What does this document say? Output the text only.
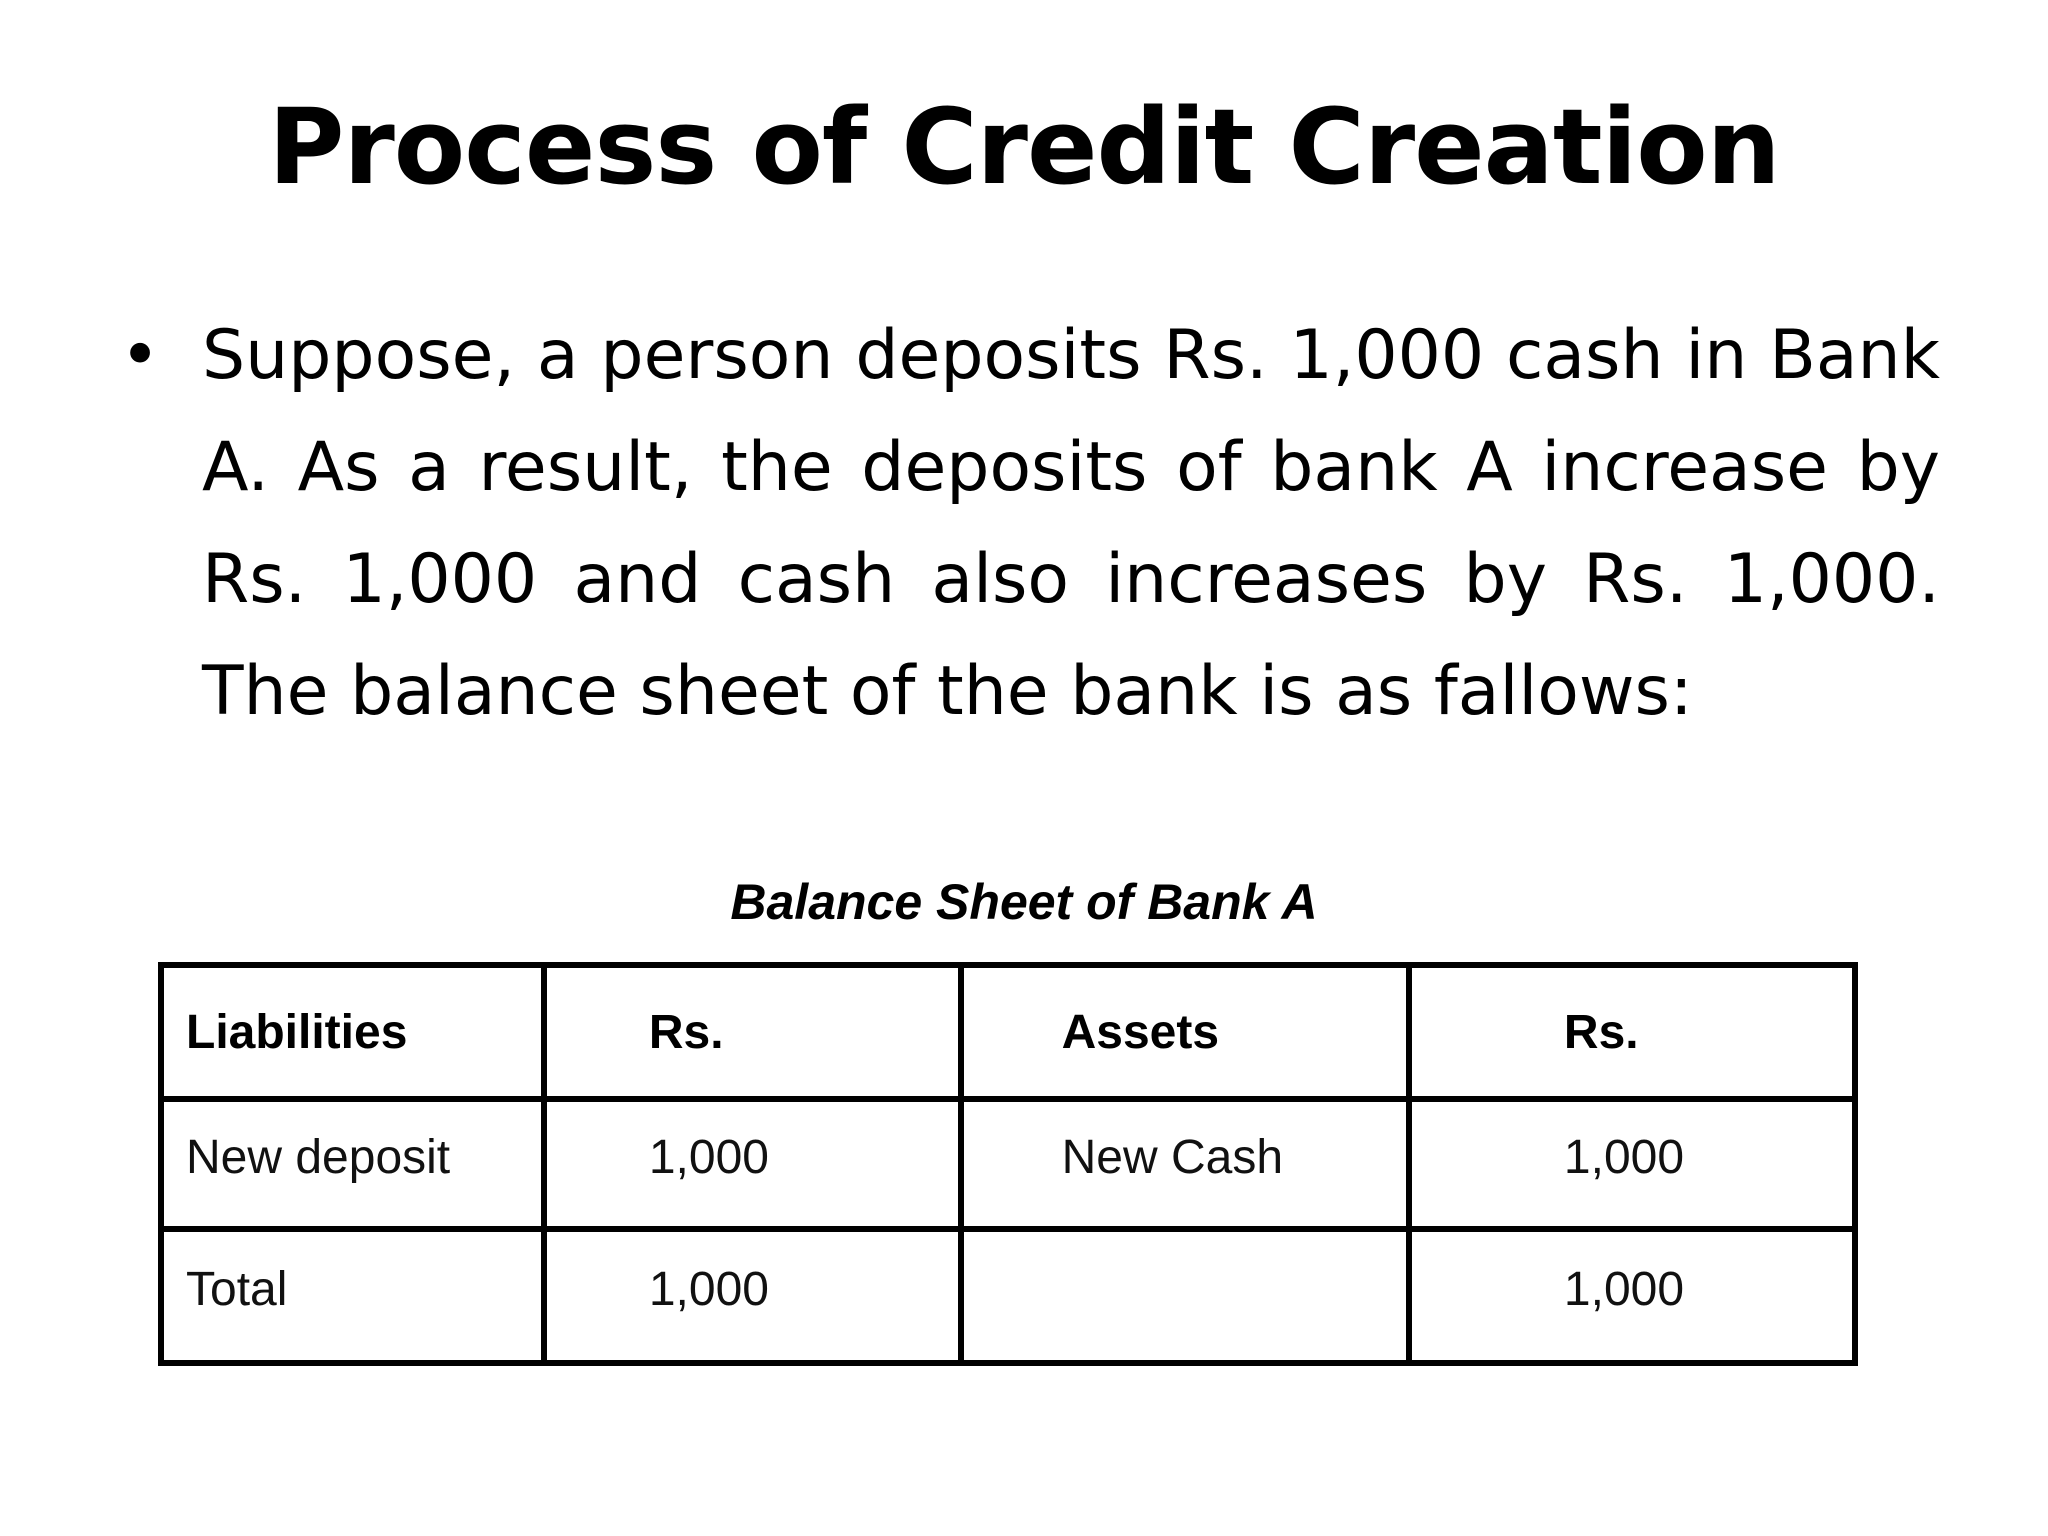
Process of Credit Creation
• Suppose, a person deposits Rs. 1,000 cash in Bank A. As a result, the deposits of bank A increase by Rs. 1,000 and cash also increases by Rs. 1,000. The balance sheet of the bank is as fallows:
Balance Sheet of Bank A
Liabilities	Rs.	Assets	Rs.
New deposit	1,000	New Cash	1,000
Total	1,000		1,000
